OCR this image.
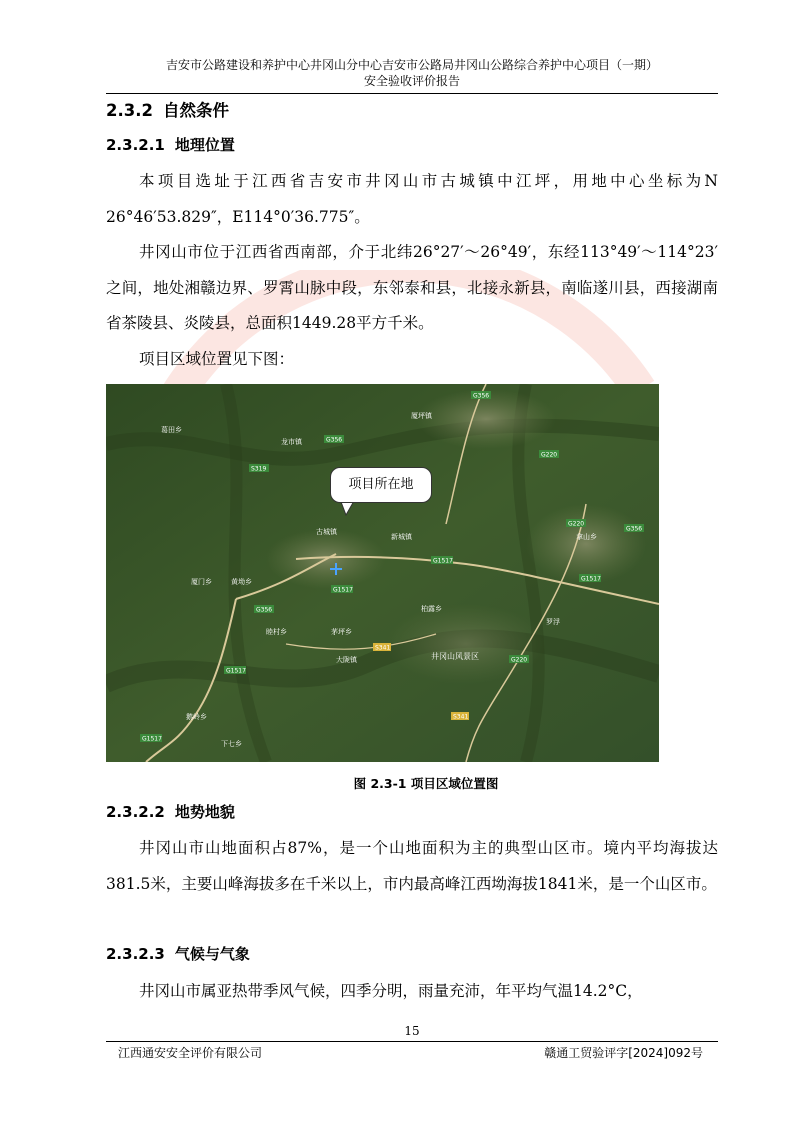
吉安市公路建设和养护中心井冈山分中心吉安市公路局井冈山公路综合养护中心项目（一期）
安全验收评价报告
2.3.2 自然条件
2.3.2.1 地理位置
本项目选址于江西省吉安市井冈山市古城镇中江坪，用地中心坐标为N 26°46′53.829″，E114°0′36.775″。
井冈山市位于江西省西南部，介于北纬26°27′～26°49′，东经113°49′～114°23′之间，地处湘赣边界、罗霄山脉中段，东邻泰和县，北接永新县，南临遂川县，西接湖南省茶陵县、炎陵县，总面积1449.28平方千米。
项目区域位置见下图：
G356
G356
S319
G220
G220
G356
G1517
G1517
G1517
G356
G1517
S341
G220
S341
G1517
古城镇
厦坪镇
新城镇	拿山乡
茅坪乡
龙市镇
大陇镇
黄坳乡
柏露乡
罗浮
葛田乡
睦村乡
下七乡
鹅岭乡
厦门乡
井冈山风景区
项目所在地
图 2.3-1 项目区域位置图
2.3.2.2 地势地貌
井冈山市山地面积占87%，是一个山地面积为主的典型山区市。境内平均海拔达381.5米，主要山峰海拔多在千米以上，市内最高峰江西坳海拔1841米，是一个山区市。
2.3.2.3 气候与气象
井冈山市属亚热带季风气候，四季分明，雨量充沛，年平均气温14.2°C，
15
江西通安安全评价有限公司	赣通工贸验评字[2024]092号
